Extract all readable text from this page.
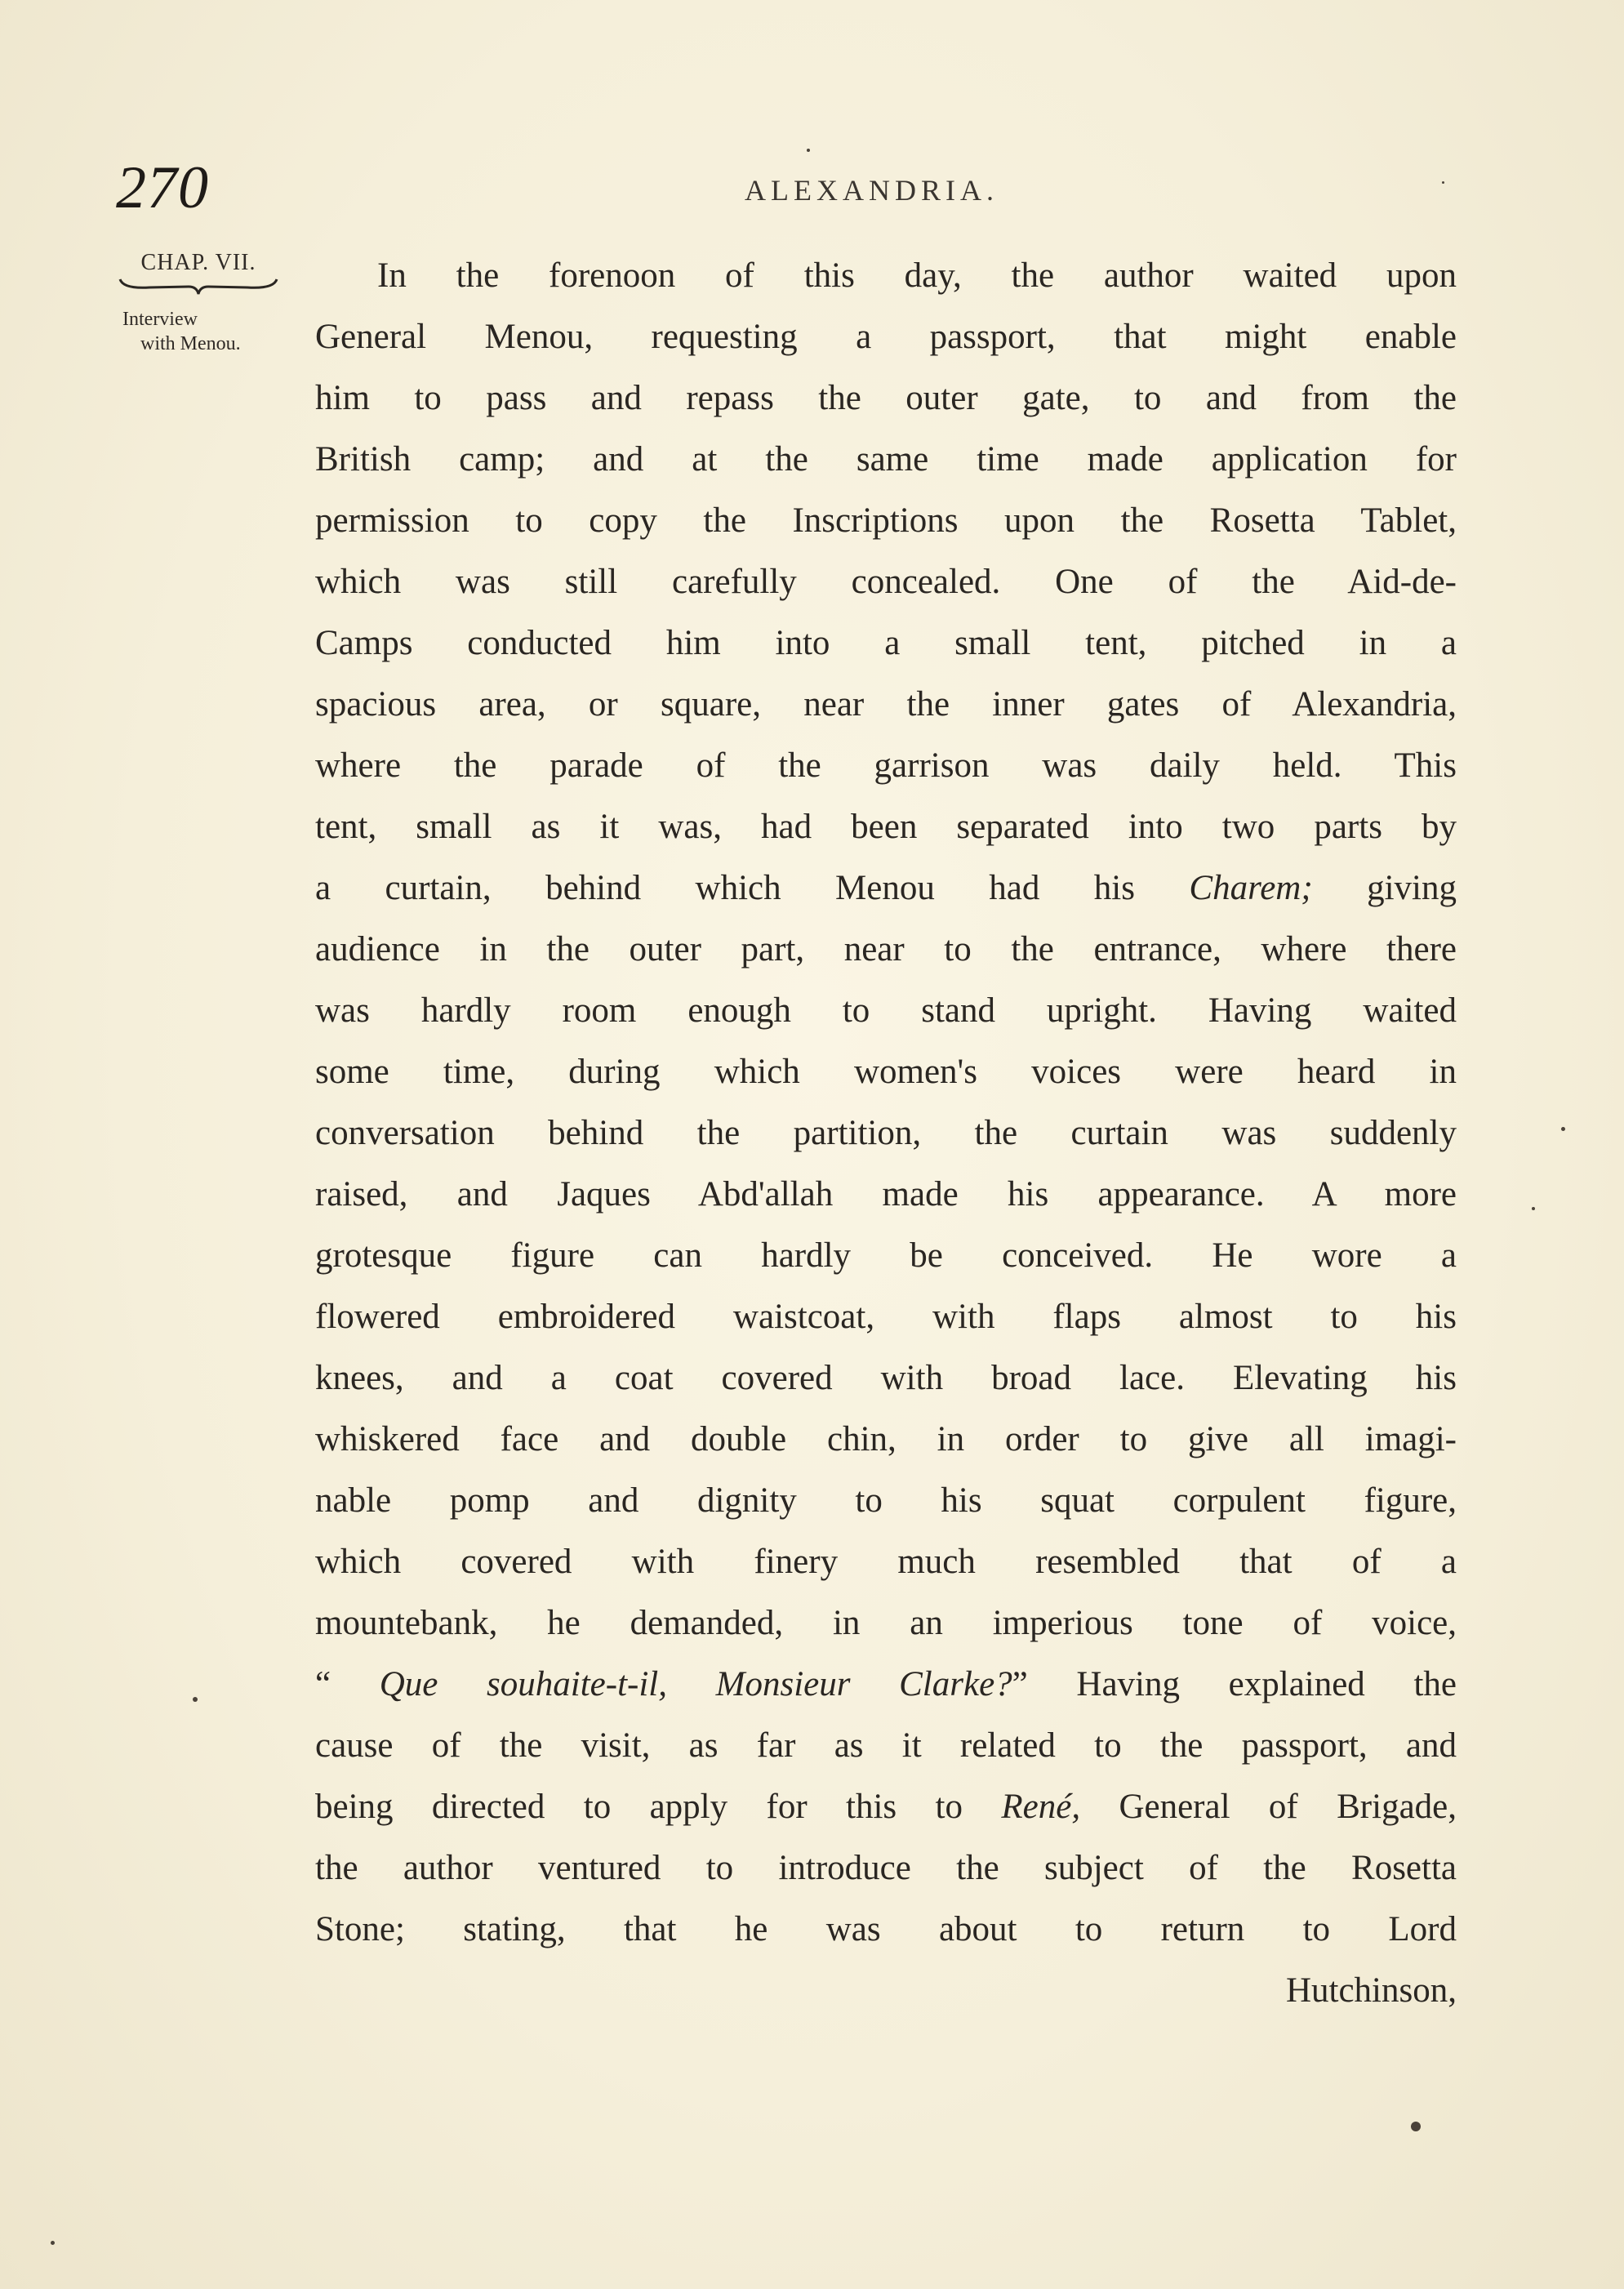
270	ALEXANDRIA.
CHAP. VII.
Interview
with Menou.
In the forenoon of this day, the author waited upon
General Menou, requesting a passport, that might enable
him to pass and repass the outer gate, to and from the
British camp; and at the same time made application for
permission to copy the Inscriptions upon the Rosetta Tablet,
which was still carefully concealed. One of the Aid-de-
Camps conducted him into a small tent, pitched in a
spacious area, or square, near the inner gates of Alexandria,
where the parade of the garrison was daily held. This
tent, small as it was, had been separated into two parts by
a curtain, behind which Menou had his Charem; giving
audience in the outer part, near to the entrance, where there
was hardly room enough to stand upright. Having waited
some time, during which women's voices were heard in
conversation behind the partition, the curtain was suddenly
raised, and Jaques Abd'allah made his appearance. A more
grotesque figure can hardly be conceived. He wore a
flowered embroidered waistcoat, with flaps almost to his
knees, and a coat covered with broad lace. Elevating his
whiskered face and double chin, in order to give all imagi-
nable pomp and dignity to his squat corpulent figure,
which covered with finery much resembled that of a
mountebank, he demanded, in an imperious tone of voice,
“ Que souhaite-t-il, Monsieur Clarke?” Having explained the
cause of the visit, as far as it related to the passport, and
being directed to apply for this to René, General of Brigade,
the author ventured to introduce the subject of the Rosetta
Stone; stating, that he was about to return to Lord
Hutchinson,
